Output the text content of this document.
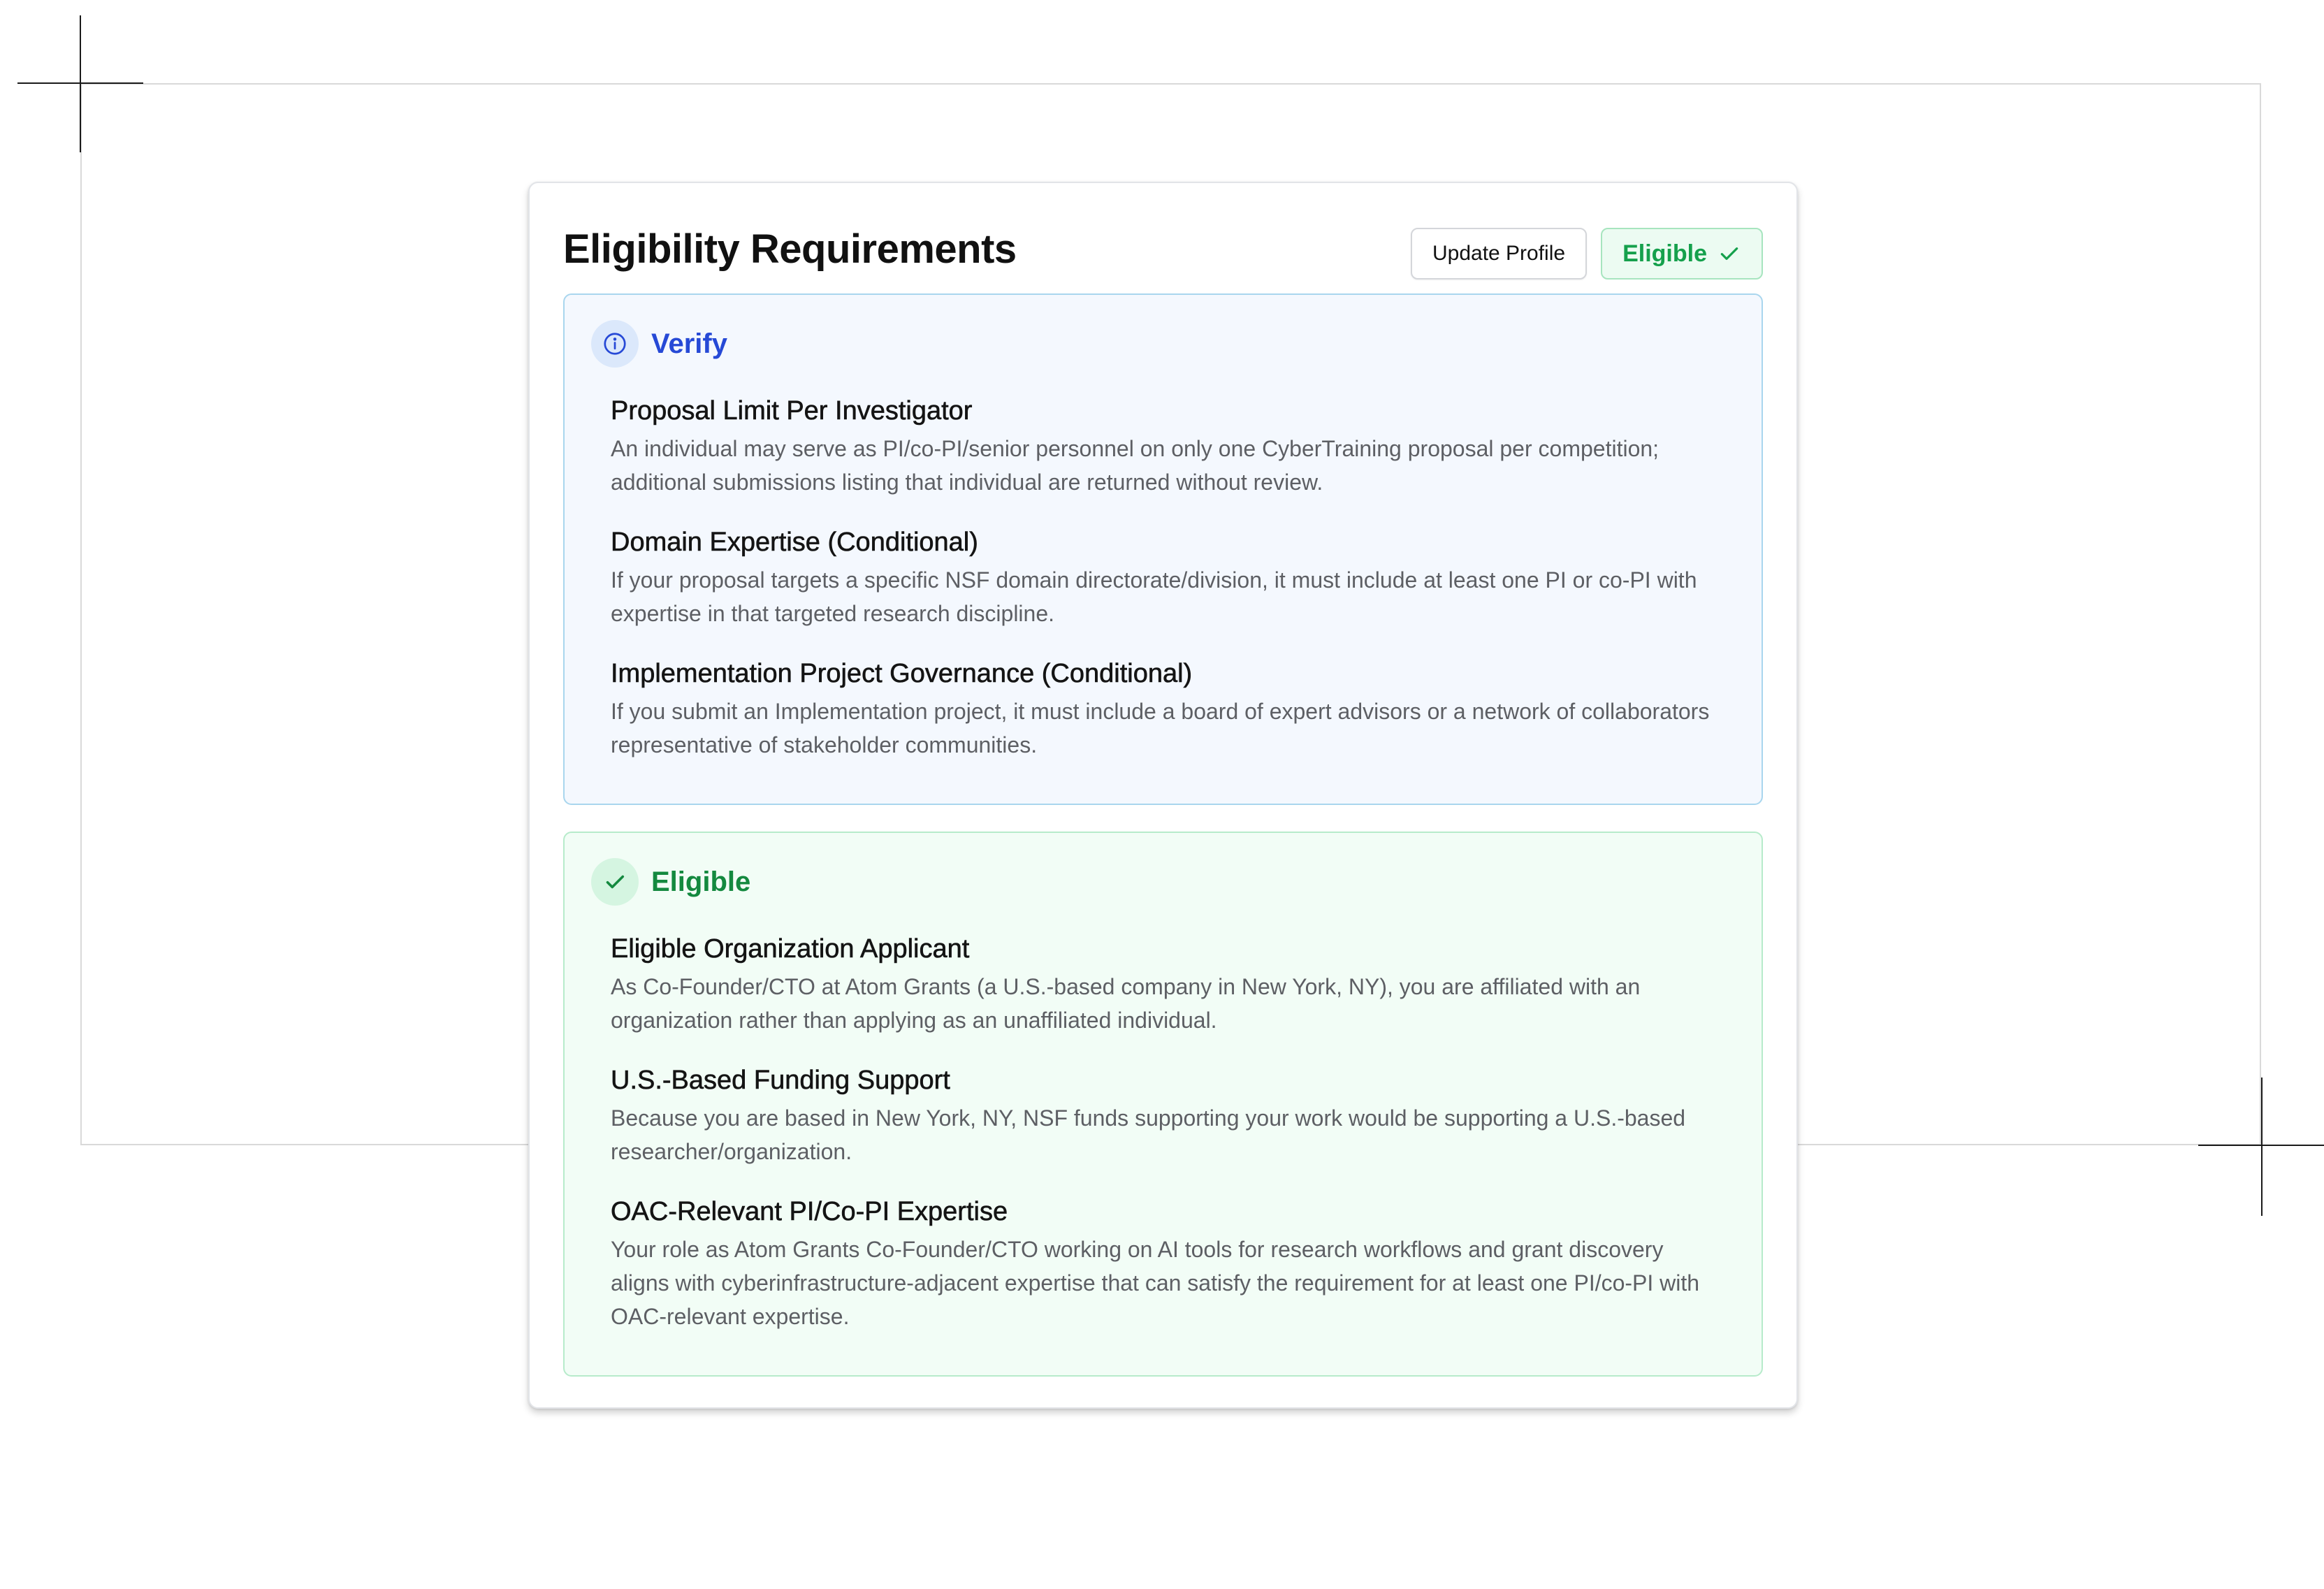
Eligibility Requirements	Update Profile	Eligible
Verify
Proposal Limit Per Investigator

An individual may serve as PI/co-PI/senior personnel on only one CyberTraining proposal per competition; additional submissions listing that individual are returned without review.

Domain Expertise (Conditional)

If your proposal targets a specific NSF domain directorate/division, it must include at least one PI or co-PI with expertise in that targeted research discipline.

Implementation Project Governance (Conditional)

If you submit an Implementation project, it must include a board of expert advisors or a network of collaborators representative of stakeholder communities.

Eligible
Eligible Organization Applicant

As Co-Founder/CTO at Atom Grants (a U.S.-based company in New York, NY), you are affiliated with an organization rather than applying as an unaffiliated individual.

U.S.-Based Funding Support

Because you are based in New York, NY, NSF funds supporting your work would be supporting a U.S.-based researcher/organization.

OAC-Relevant PI/Co-PI Expertise

Your role as Atom Grants Co-Founder/CTO working on AI tools for research workflows and grant discovery aligns with cyberinfrastructure-adjacent expertise that can satisfy the requirement for at least one PI/co-PI with OAC-relevant expertise.
